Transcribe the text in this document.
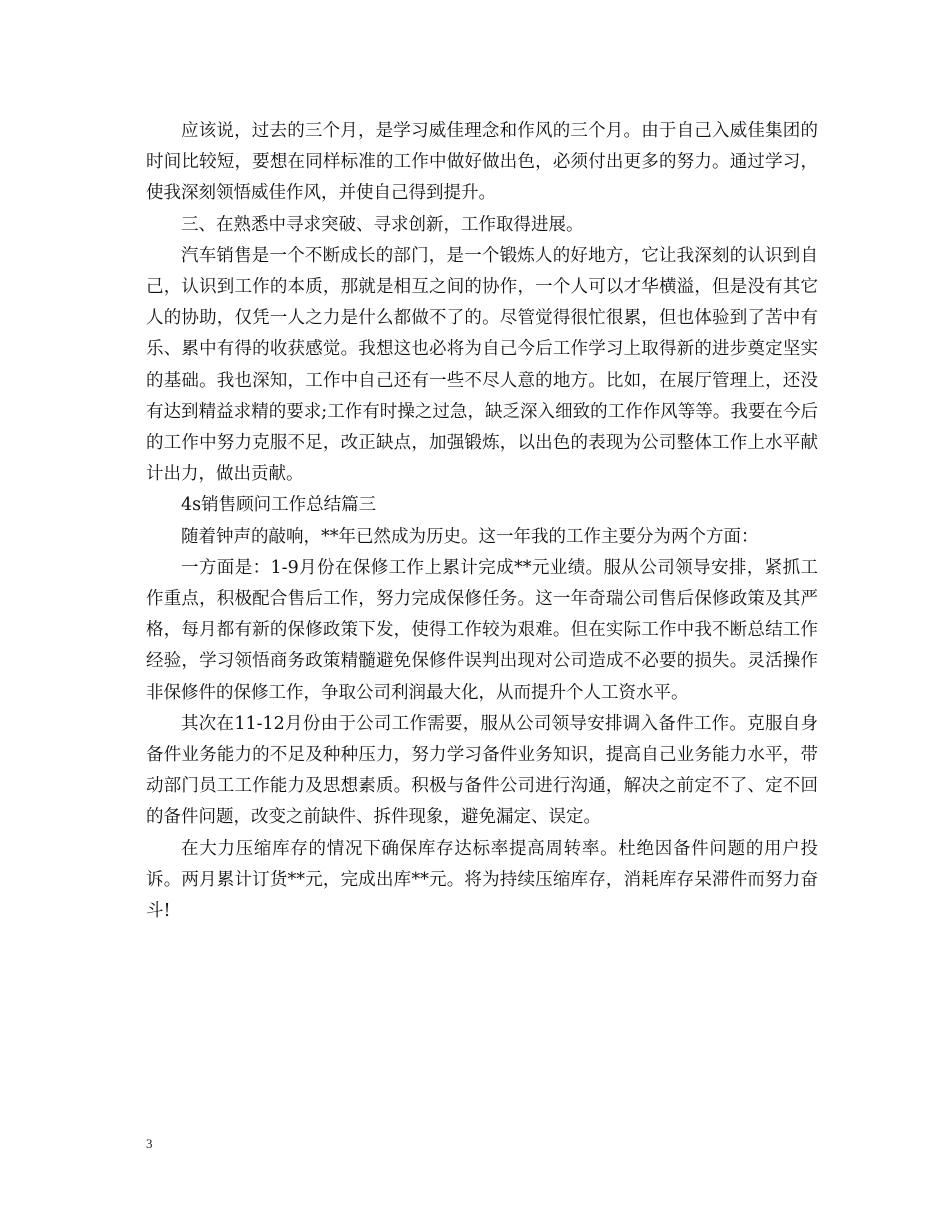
应该说，过去的三个月，是学习威佳理念和作风的三个月。由于自己入威佳集团的时间比较短，要想在同样标准的工作中做好做出色，必须付出更多的努力。通过学习，使我深刻领悟威佳作风，并使自己得到提升。

三、在熟悉中寻求突破、寻求创新，工作取得进展。

汽车销售是一个不断成长的部门，是一个锻炼人的好地方，它让我深刻的认识到自己，认识到工作的本质，那就是相互之间的协作，一个人可以才华横溢，但是没有其它人的协助，仅凭一人之力是什么都做不了的。尽管觉得很忙很累，但也体验到了苦中有乐、累中有得的收获感觉。我想这也必将为自己今后工作学习上取得新的进步奠定坚实的基础。我也深知，工作中自己还有一些不尽人意的地方。比如，在展厅管理上，还没有达到精益求精的要求;工作有时操之过急，缺乏深入细致的工作作风等等。我要在今后的工作中努力克服不足，改正缺点，加强锻炼，以出色的表现为公司整体工作上水平献计出力，做出贡献。

4s销售顾问工作总结篇三

随着钟声的敲响，**年已然成为历史。这一年我的工作主要分为两个方面：

一方面是：1-9月份在保修工作上累计完成**元业绩。服从公司领导安排，紧抓工作重点，积极配合售后工作，努力完成保修任务。这一年奇瑞公司售后保修政策及其严格，每月都有新的保修政策下发，使得工作较为艰难。但在实际工作中我不断总结工作经验，学习领悟商务政策精髓避免保修件误判出现对公司造成不必要的损失。灵活操作非保修件的保修工作，争取公司利润最大化，从而提升个人工资水平。

其次在11-12月份由于公司工作需要，服从公司领导安排调入备件工作。克服自身备件业务能力的不足及种种压力，努力学习备件业务知识，提高自己业务能力水平，带动部门员工工作能力及思想素质。积极与备件公司进行沟通，解决之前定不了、定不回的备件问题，改变之前缺件、拆件现象，避免漏定、误定。

在大力压缩库存的情况下确保库存达标率提高周转率。杜绝因备件问题的用户投诉。两月累计订货**元，完成出库**元。将为持续压缩库存，消耗库存呆滞件而努力奋斗!

3
